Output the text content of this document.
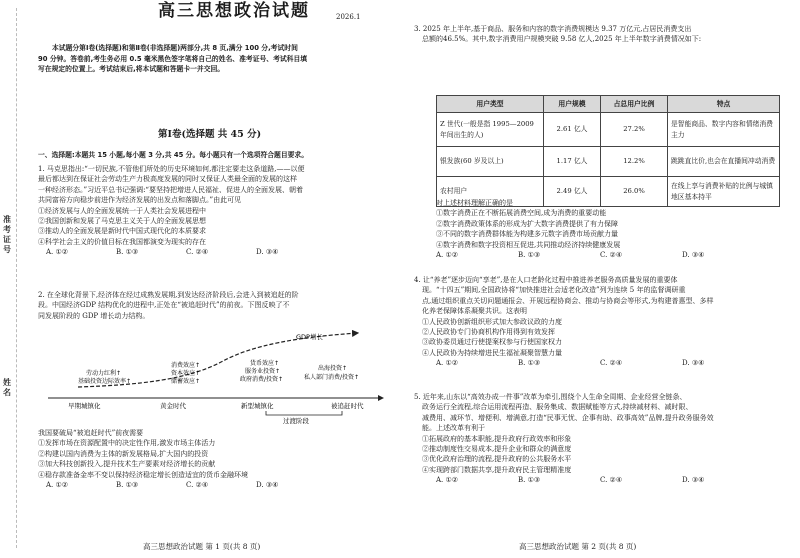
准考证号
姓名
高三思想政治试题	2026.1

本试题分第Ⅰ卷(选择题)和第Ⅱ卷(非选择题)两部分,共 8 页,满分 100 分,考试时间

90 分钟。答卷前,考生务必用 0.5 毫米黑色签字笔将自己的姓名、准考证号、考试科目填

写在规定的位置上。考试结束后,将本试题和答题卡一并交回。

第Ⅰ卷(选择题 共 45 分)
一、选择题:本题共 15 小题,每小题 3 分,共 45 分。每小题只有一个选项符合题目要求。

1. 马克思指出:“一切民族,不管他们所处的历史环境如何,都注定要走这条道路,——以便

最后都达到在保证社会劳动生产力极高度发展的同时又保证人类最全面的发展的这样

一种经济形态。”习近平总书记强调:“要坚持把增进人民福祉、促进人的全面发展、朝着

共同富裕方向稳步前进作为经济发展的出发点和落脚点。”由此可见

①经济发展与人的全面发展统一于人类社会发展进程中

②我国创新和发展了马克思主义关于人的全面发展思想

③推动人的全面发展是新时代中国式现代化的本质要求

④科学社会主义的价值目标在我国都演变为现实的存在

A. ①②	B. ①③	C. ②④	D. ③④

2. 在全球化背景下,经济体在经过成熟发展期,到发达经济阶段后,会进入到被追赶的阶

段。中国经济GDP 结构优化的进程中,正处在“被追赶时代”的前夜。下图反映了不

同发展阶段的 GDP 增长动力结构。

GDP增长
劳动力红利↑
基础投资边际效率↑
消费效应↑
资本效应↑
储蓄效应↑
货币效应↑
服务业投资↑
政府消费/投资↑
出海投资↑
私人部门消费/投资↑
早期城镇化	黄金时代	新型城镇化	被追赶时代
过渡阶段

我国要破局“被追赶时代”前夜需要

①发挥市场在资源配置中的决定性作用,激发市场主体活力

②构建以国内消费为主体的新发展格局,扩大国内的投资

③加大科技创新投入,提升技术生产要素对经济增长的贡献

④稳存款准备金率不变以保持经济稳定增长创造适宜的货币金融环境

A. ①②	B. ①③	C. ②④	D. ③④
高三思想政治试题 第 1 页(共 8 页)

3. 2025 年上半年,基于商品、服务和内容的数字消费规模达 9.37 万亿元,占居民消费支出

总额的46.5%。其中,数字消费用户规模突破 9.58 亿人,2025 年上半年数字消费情况如下:

用户类型	用户规模	占总用户比例	特点
Z 世代(一般是指 1995—2009年间出生的人)	2.61 亿人	27.2%	是智能商品、数字内容和情绪消费主力
银发族(60 岁及以上)	1.17 亿人	12.2%	跳跳直比价,也会在直播间冲动消费
农村用户	2.49 亿人	26.0%	在线上享与消费补贴的比例与城镇地区基本持平

对上述材料理解正确的是

①数字消费正在不断拓展消费空间,成为消费的重要动能

②数字消费政策体系的形成为扩大数字消费提供了有力保障

③不同的数字消费群体能为构建多元数字消费市场贡献力量

④数字消费和数字投资相互促进,共同推动经济持续健康发展

A. ①②	B. ①③	C. ②④	D. ③④

4. 让“养老”逐步迈向“享老”,是在人口老龄化过程中推进养老服务高质量发展的重要体

现。“十四五”期间,全国政协将“加快推进社会适老化改造”列为连续 5 年的监督调研重

点,通过组织重点关切问题通报会、开展远程协商会、推动与协商会等形式,为构建普惠型、多样

化养老保障体系凝聚共识。这表明

①人民政协创新组织形式加大参政议政的力度

②人民政协专门协商机构作用得到有效发挥

③政协委员通过行使提案权参与行使国家权力

④人民政协为持续增进民生福祉凝聚智慧力量

A. ①②	B. ①③	C. ②④	D. ③④

5. 近年来,山东以“高效办成一件事”改革为牵引,围绕个人生命全周期、企业经营全链条、

政务运行全流程,综合运用流程再造、服务集成、数据赋能等方式,持续减材料、减时限、

减费用、减环节、增便利、增满意,打造“民事无忧、企事有助、政事高效”品牌,提升政务服务效

能。上述改革有利于

①拓展政府的基本职能,提升政府行政效率和形象

②推动制度性交易成本,提升企业和群众的满意度

③优化政府治理的流程,提升政府的公共服务水平

④实现跨部门数据共享,提升政府民主管理精准度

A. ①②	B. ①③	C. ②④	D. ③④
高三思想政治试题 第 2 页(共 8 页)
